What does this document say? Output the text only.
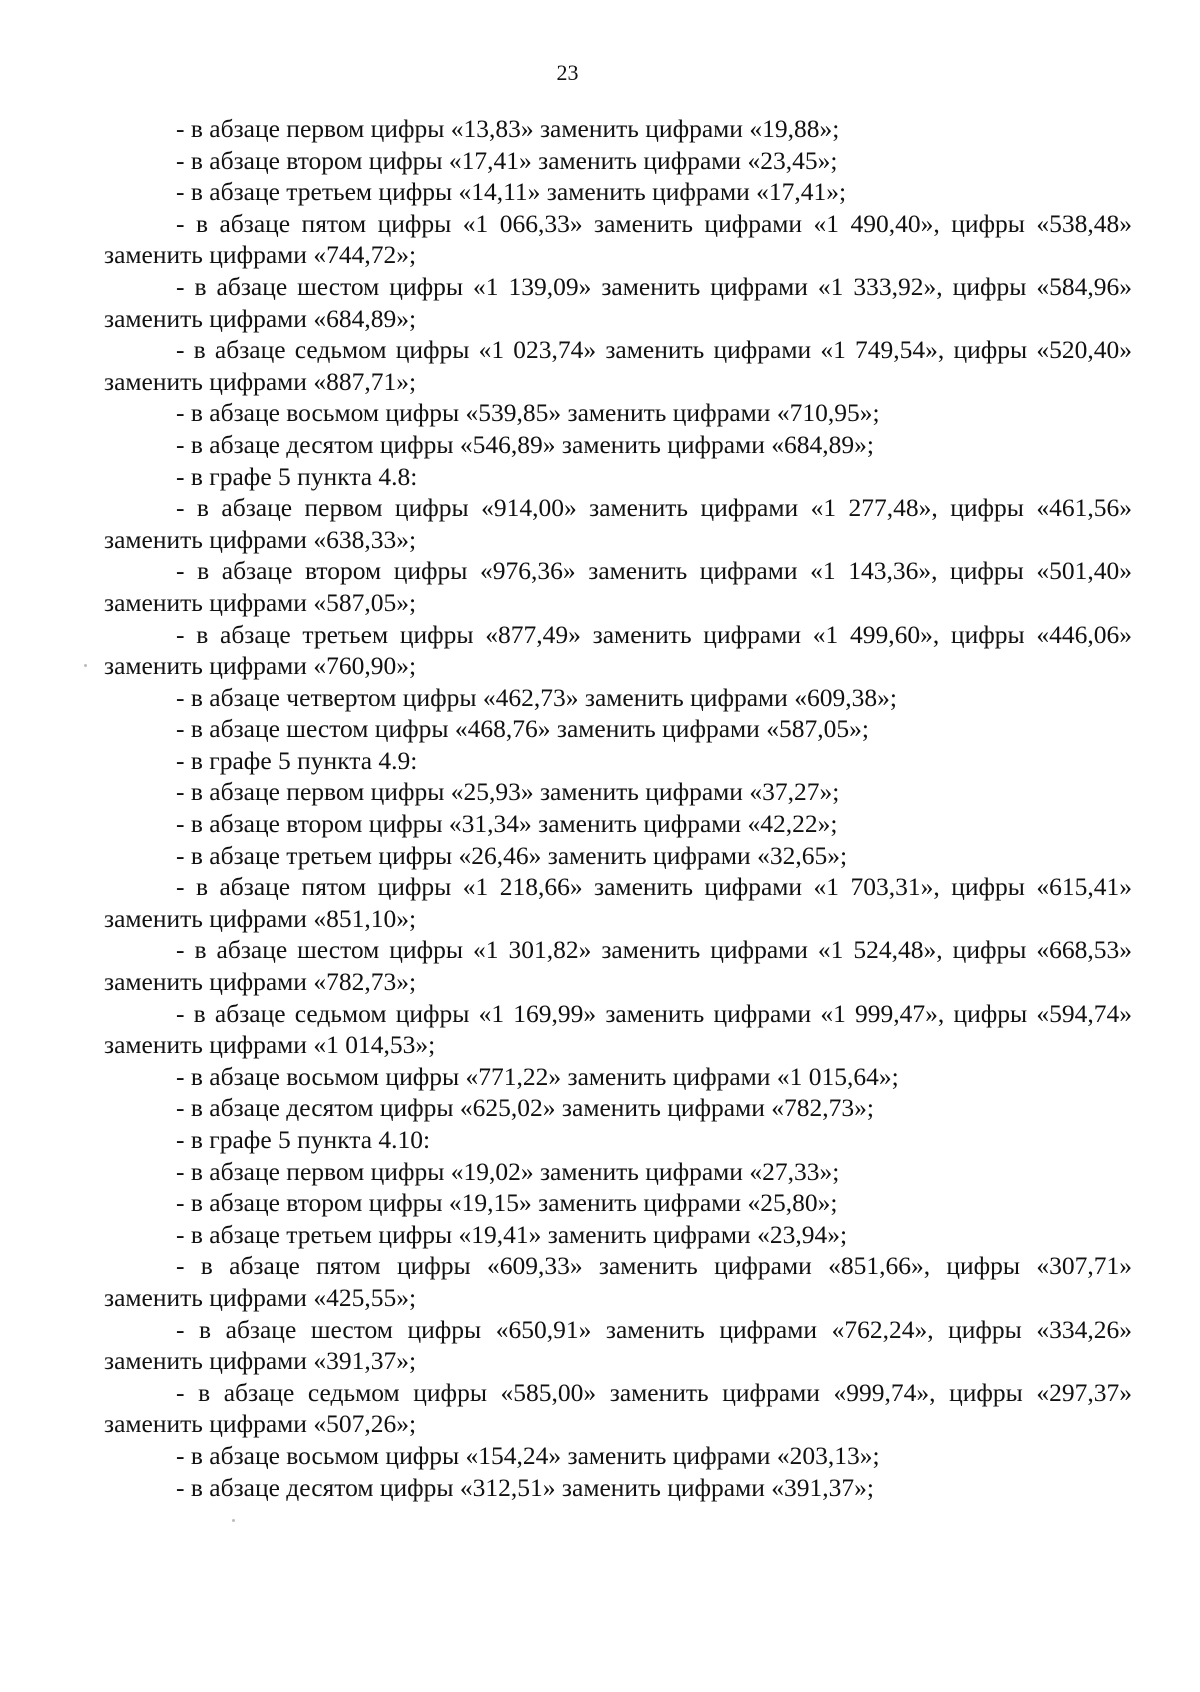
23

- в абзаце первом цифры «13,83» заменить цифрами «19,88»;

- в абзаце втором цифры «17,41» заменить цифрами «23,45»;

- в абзаце третьем цифры «14,11» заменить цифрами «17,41»;

- в абзаце пятом цифры «1 066,33» заменить цифрами «1 490,40», цифры «538,48» заменить цифрами «744,72»;

- в абзаце шестом цифры «1 139,09» заменить цифрами «1 333,92», цифры «584,96» заменить цифрами «684,89»;

- в абзаце седьмом цифры «1 023,74» заменить цифрами «1 749,54», цифры «520,40» заменить цифрами «887,71»;

- в абзаце восьмом цифры «539,85» заменить цифрами «710,95»;

- в абзаце десятом цифры «546,89» заменить цифрами «684,89»;

- в графе 5 пункта 4.8:

- в абзаце первом цифры «914,00» заменить цифрами «1 277,48», цифры «461,56» заменить цифрами «638,33»;

- в абзаце втором цифры «976,36» заменить цифрами «1 143,36», цифры «501,40» заменить цифрами «587,05»;

- в абзаце третьем цифры «877,49» заменить цифрами «1 499,60», цифры «446,06» заменить цифрами «760,90»;

- в абзаце четвертом цифры «462,73» заменить цифрами «609,38»;

- в абзаце шестом цифры «468,76» заменить цифрами «587,05»;

- в графе 5 пункта 4.9:

- в абзаце первом цифры «25,93» заменить цифрами «37,27»;

- в абзаце втором цифры «31,34» заменить цифрами «42,22»;

- в абзаце третьем цифры «26,46» заменить цифрами «32,65»;

- в абзаце пятом цифры «1 218,66» заменить цифрами «1 703,31», цифры «615,41» заменить цифрами «851,10»;

- в абзаце шестом цифры «1 301,82» заменить цифрами «1 524,48», цифры «668,53» заменить цифрами «782,73»;

- в абзаце седьмом цифры «1 169,99» заменить цифрами «1 999,47», цифры «594,74» заменить цифрами «1 014,53»;

- в абзаце восьмом цифры «771,22» заменить цифрами «1 015,64»;

- в абзаце десятом цифры «625,02» заменить цифрами «782,73»;

- в графе 5 пункта 4.10:

- в абзаце первом цифры «19,02» заменить цифрами «27,33»;

- в абзаце втором цифры «19,15» заменить цифрами «25,80»;

- в абзаце третьем цифры «19,41» заменить цифрами «23,94»;

- в абзаце пятом цифры «609,33» заменить цифрами «851,66», цифры «307,71» заменить цифрами «425,55»;

- в абзаце шестом цифры «650,91» заменить цифрами «762,24», цифры «334,26» заменить цифрами «391,37»;

- в абзаце седьмом цифры «585,00» заменить цифрами «999,74», цифры «297,37» заменить цифрами «507,26»;

- в абзаце восьмом цифры «154,24» заменить цифрами «203,13»;

- в абзаце десятом цифры «312,51» заменить цифрами «391,37»;
